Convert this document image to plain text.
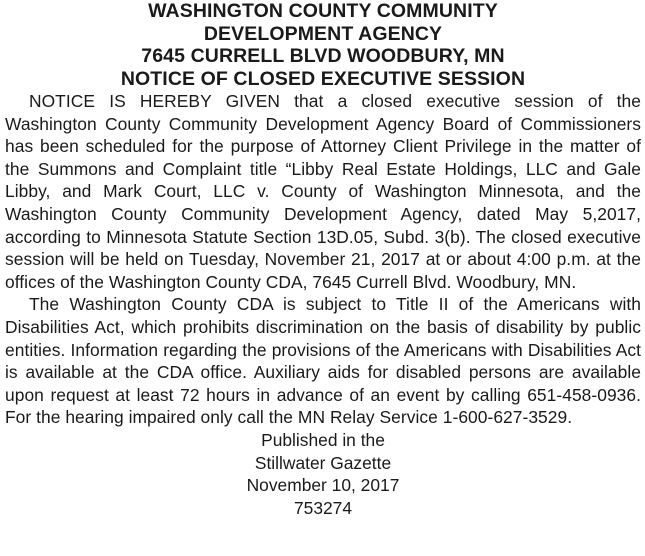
WASHINGTON COUNTY COMMUNITY
DEVELOPMENT AGENCY
7645 CURRELL BLVD WOODBURY, MN
NOTICE OF CLOSED EXECUTIVE SESSION

NOTICE IS HEREBY GIVEN that a closed executive session of the Washington County Community Development Agency Board of Commissioners has been scheduled for the purpose of Attorney Client Privilege in the matter of the Summons and Complaint title “Libby Real Estate Holdings, LLC and Gale Libby, and Mark Court, LLC v. County of Washington Minnesota, and the Washington County Community Development Agency, dated May 5,2017, according to Minnesota Statute Section 13D.05, Subd. 3(b). The closed executive session will be held on Tuesday, November 21, 2017 at or about 4:00 p.m. at the offices of the Washington County CDA, 7645 Currell Blvd. Woodbury, MN.

The Washington County CDA is subject to Title II of the Americans with Disabilities Act, which prohibits discrimination on the basis of disability by public entities. Information regarding the provisions of the Americans with Disabilities Act is available at the CDA office. Auxiliary aids for disabled persons are available upon request at least 72 hours in advance of an event by calling 651-458-0936. For the hearing impaired only call the MN Relay Service 1-600-627-3529.

Published in the
Stillwater Gazette
November 10, 2017
753274
